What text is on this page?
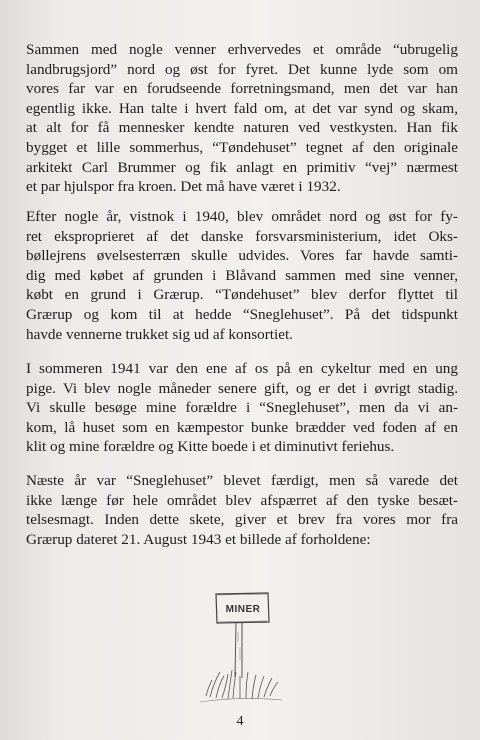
Sammen med nogle venner erhvervedes et område “ubrugelig
landbrugsjord” nord og øst for fyret. Det kunne lyde som om
vores far var en forudseende forretningsmand, men det var han
egentlig ikke. Han talte i hvert fald om, at det var synd og skam,
at alt for få mennesker kendte naturen ved vestkysten. Han fik
bygget et lille sommerhus, “Tøndehuset” tegnet af den originale
arkitekt Carl Brummer og fik anlagt en primitiv “vej” nærmest
et par hjulspor fra kroen. Det må have været i 1932.
Efter nogle år, vistnok i 1940, blev området nord og øst for fy-
ret eksproprieret af det danske forsvarsministerium, idet Oks-
bøllejrens øvelsesterræn skulle udvides. Vores far havde samti-
dig med købet af grunden i Blåvand sammen med sine venner,
købt en grund i Grærup. “Tøndehuset” blev derfor flyttet til
Grærup og kom til at hedde “Sneglehuset”. På det tidspunkt
havde vennerne trukket sig ud af konsortiet.
I sommeren 1941 var den ene af os på en cykeltur med en ung
pige. Vi blev nogle måneder senere gift, og er det i øvrigt stadig.
Vi skulle besøge mine forældre i “Sneglehuset”, men da vi an-
kom, lå huset som en kæmpestor bunke brædder ved foden af en
klit og mine forældre og Kitte boede i et diminutivt feriehus.
Næste år var “Sneglehuset” blevet færdigt, men så varede det
ikke længe før hele området blev afspærret af den tyske besæt-
telsesmagt. Inden dette skete, giver et brev fra vores mor fra
Grærup dateret 21. August 1943 et billede af forholdene:
MINER
4
